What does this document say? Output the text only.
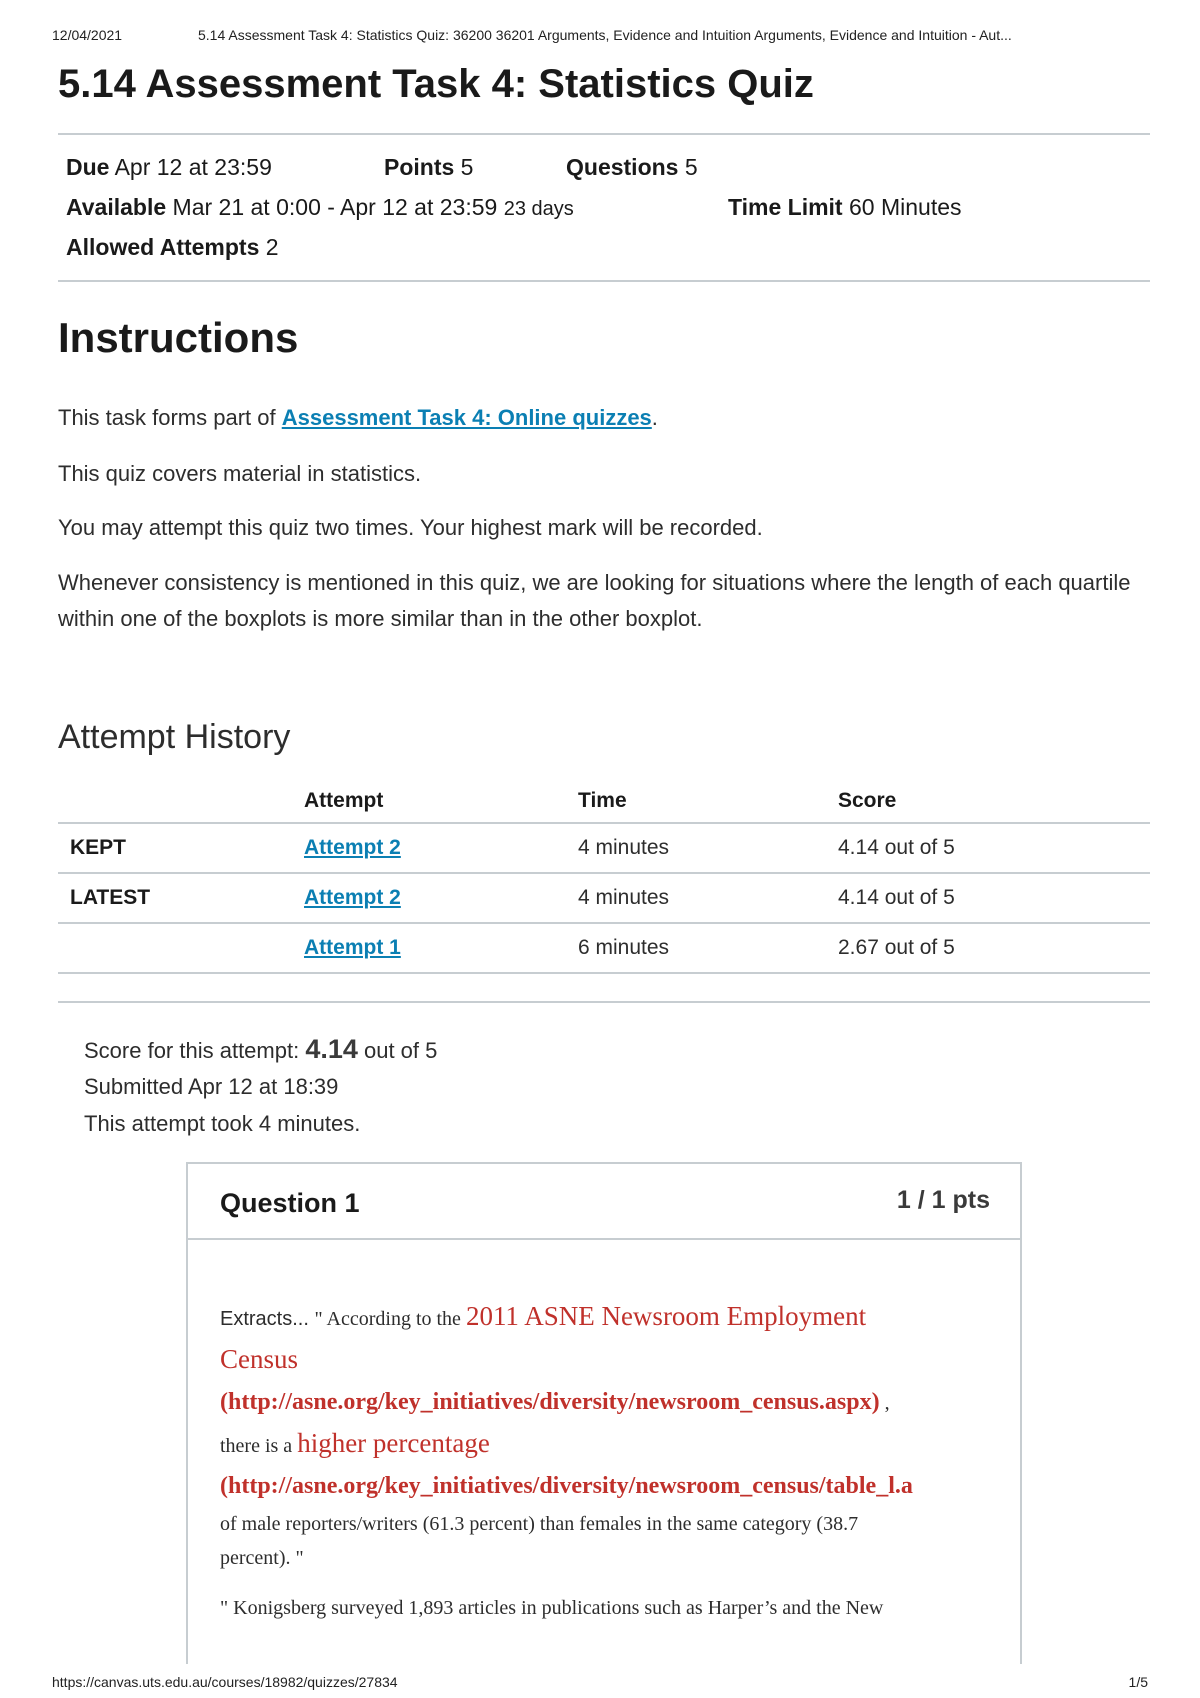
12/04/2021	5.14 Assessment Task 4: Statistics Quiz: 36200 36201 Arguments, Evidence and Intuition Arguments, Evidence and Intuition - Aut...
5.14 Assessment Task 4: Statistics Quiz
Due Apr 12 at 23:59	Points 5	Questions 5
Available Mar 21 at 0:00 - Apr 12 at 23:59 23 days	Time Limit 60 Minutes
Allowed Attempts 2
Instructions

This task forms part of Assessment Task 4: Online quizzes.

This quiz covers material in statistics.

You may attempt this quiz two times. Your highest mark will be recorded.

Whenever consistency is mentioned in this quiz, we are looking for situations where the length of each quartile within one of the boxplots is more similar than in the other boxplot.

Attempt History
	Attempt	Time	Score
KEPT	Attempt 2	4 minutes	4.14 out of 5
LATEST	Attempt 2	4 minutes	4.14 out of 5
	Attempt 1	6 minutes	2.67 out of 5
Score for this attempt: 4.14 out of 5
Submitted Apr 12 at 18:39
This attempt took 4 minutes.
Question 1	1 / 1 pts
Extracts... " According to the 2011 ASNE Newsroom Employment
Census
(http://asne.org/key_initiatives/diversity/newsroom_census.aspx) ,
there is a higher percentage
(http://asne.org/key_initiatives/diversity/newsroom_census/table_l.a
of male reporters/writers (61.3 percent) than females in the same category (38.7
percent). "
" Konigsberg surveyed 1,893 articles in publications such as Harper’s and the New
https://canvas.uts.edu.au/courses/18982/quizzes/27834	1/5
